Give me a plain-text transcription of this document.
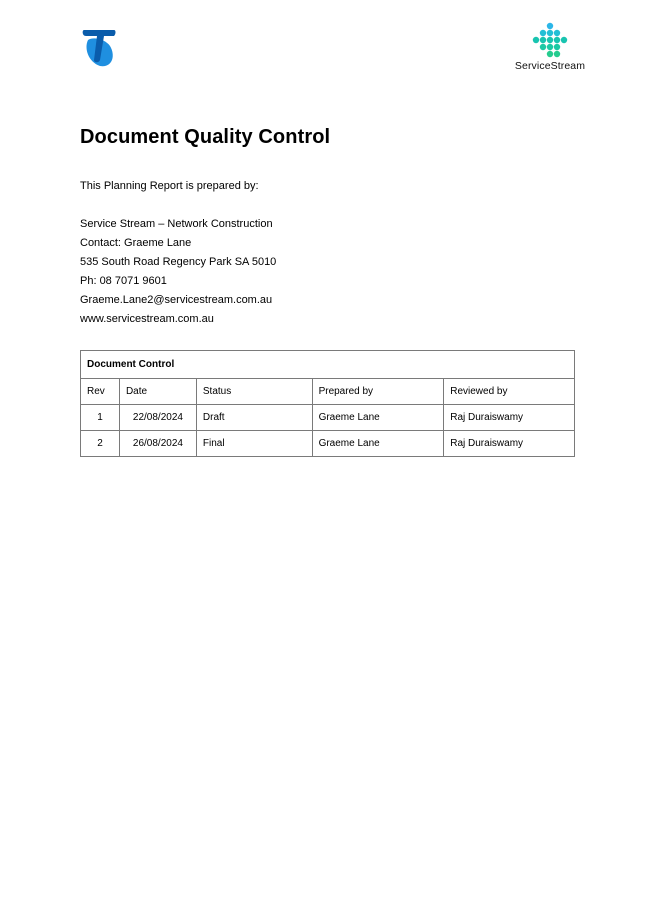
ServiceStream
Document Quality Control

This Planning Report is prepared by:

Service Stream – Network Construction
Contact: Graeme Lane
535 South Road Regency Park SA 5010
Ph: 08 7071 9601
Graeme.Lane2@servicestream.com.au
www.servicestream.com.au
Document Control				
Rev	Date	Status	Prepared by	Reviewed by
1	22/08/2024	Draft	Graeme Lane	Raj Duraiswamy
2	26/08/2024	Final	Graeme Lane	Raj Duraiswamy
